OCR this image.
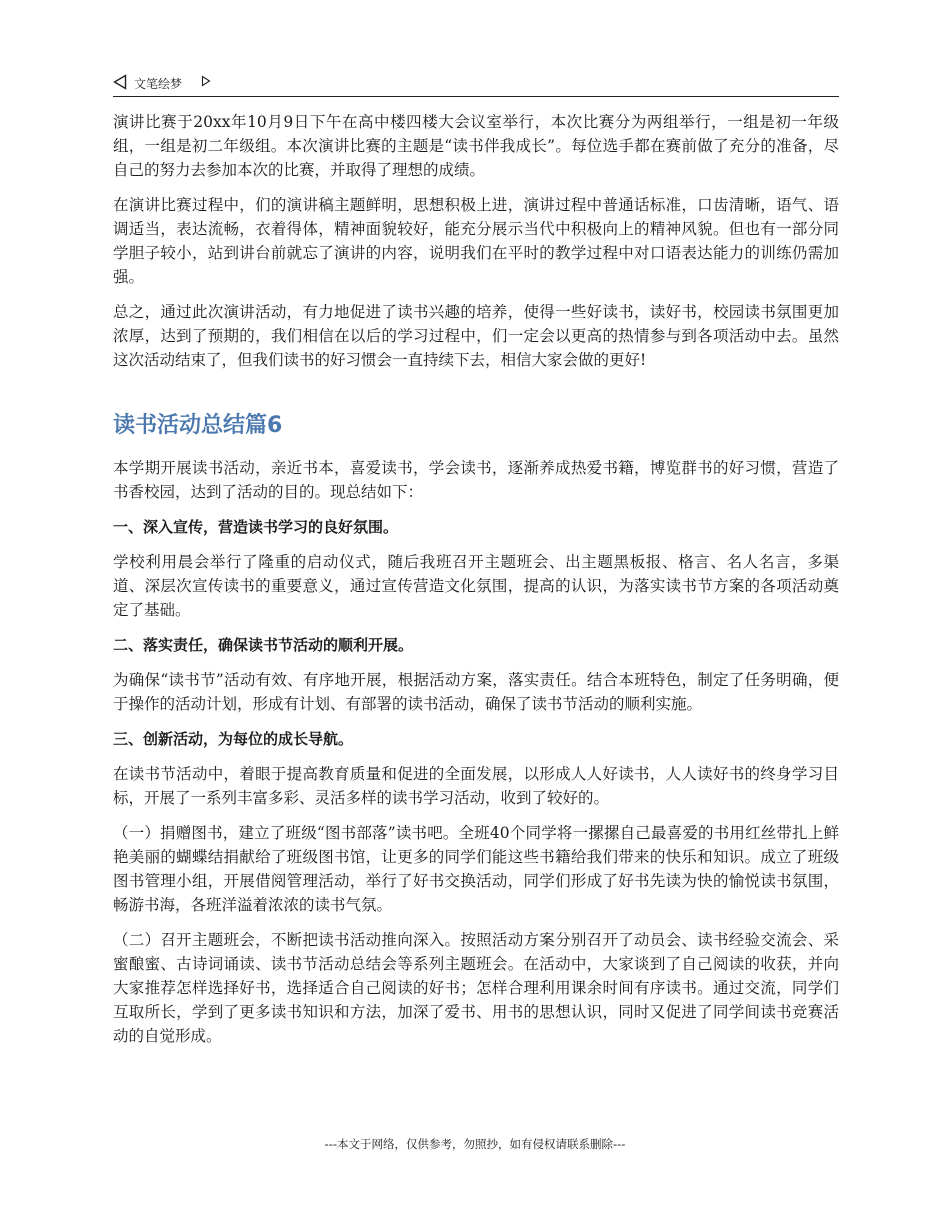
文笔绘梦

演讲比赛于20xx年10月9日下午在高中楼四楼大会议室举行，本次比赛分为两组举行，一组是初一年级组，一组是初二年级组。本次演讲比赛的主题是“读书伴我成长”。每位选手都在赛前做了充分的准备，尽自己的努力去参加本次的比赛，并取得了理想的成绩。

在演讲比赛过程中，们的演讲稿主题鲜明，思想积极上进，演讲过程中普通话标准，口齿清晰，语气、语调适当，表达流畅，衣着得体，精神面貌较好，能充分展示当代中积极向上的精神风貌。但也有一部分同学胆子较小，站到讲台前就忘了演讲的内容，说明我们在平时的教学过程中对口语表达能力的训练仍需加强。

总之，通过此次演讲活动，有力地促进了读书兴趣的培养，使得一些好读书，读好书，校园读书氛围更加浓厚，达到了预期的，我们相信在以后的学习过程中，们一定会以更高的热情参与到各项活动中去。虽然这次活动结束了，但我们读书的好习惯会一直持续下去，相信大家会做的更好!

读书活动总结篇6

本学期开展读书活动，亲近书本，喜爱读书，学会读书，逐渐养成热爱书籍，博览群书的好习惯，营造了书香校园，达到了活动的目的。现总结如下：

一、深入宣传，营造读书学习的良好氛围。

学校利用晨会举行了隆重的启动仪式，随后我班召开主题班会、出主题黑板报、格言、名人名言，多渠道、深层次宣传读书的重要意义，通过宣传营造文化氛围，提高的认识，为落实读书节方案的各项活动奠定了基础。

二、落实责任，确保读书节活动的顺利开展。

为确保“读书节”活动有效、有序地开展，根据活动方案，落实责任。结合本班特色，制定了任务明确，便于操作的活动计划，形成有计划、有部署的读书活动，确保了读书节活动的顺利实施。

三、创新活动，为每位的成长导航。

在读书节活动中，着眼于提高教育质量和促进的全面发展，以形成人人好读书，人人读好书的终身学习目标，开展了一系列丰富多彩、灵活多样的读书学习活动，收到了较好的。

（一）捐赠图书，建立了班级“图书部落”读书吧。全班40个同学将一摞摞自己最喜爱的书用红丝带扎上鲜艳美丽的蝴蝶结捐献给了班级图书馆，让更多的同学们能这些书籍给我们带来的快乐和知识。成立了班级图书管理小组，开展借阅管理活动，举行了好书交换活动，同学们形成了好书先读为快的愉悦读书氛围，畅游书海，各班洋溢着浓浓的读书气氛。

（二）召开主题班会，不断把读书活动推向深入。按照活动方案分别召开了动员会、读书经验交流会、采蜜酿蜜、古诗词诵读、读书节活动总结会等系列主题班会。在活动中，大家谈到了自己阅读的收获，并向大家推荐怎样选择好书，选择适合自己阅读的好书；怎样合理利用课余时间有序读书。通过交流，同学们互取所长，学到了更多读书知识和方法，加深了爱书、用书的思想认识，同时又促进了同学间读书竞赛活动的自觉形成。

---本文于网络，仅供参考，勿照抄，如有侵权请联系删除---
